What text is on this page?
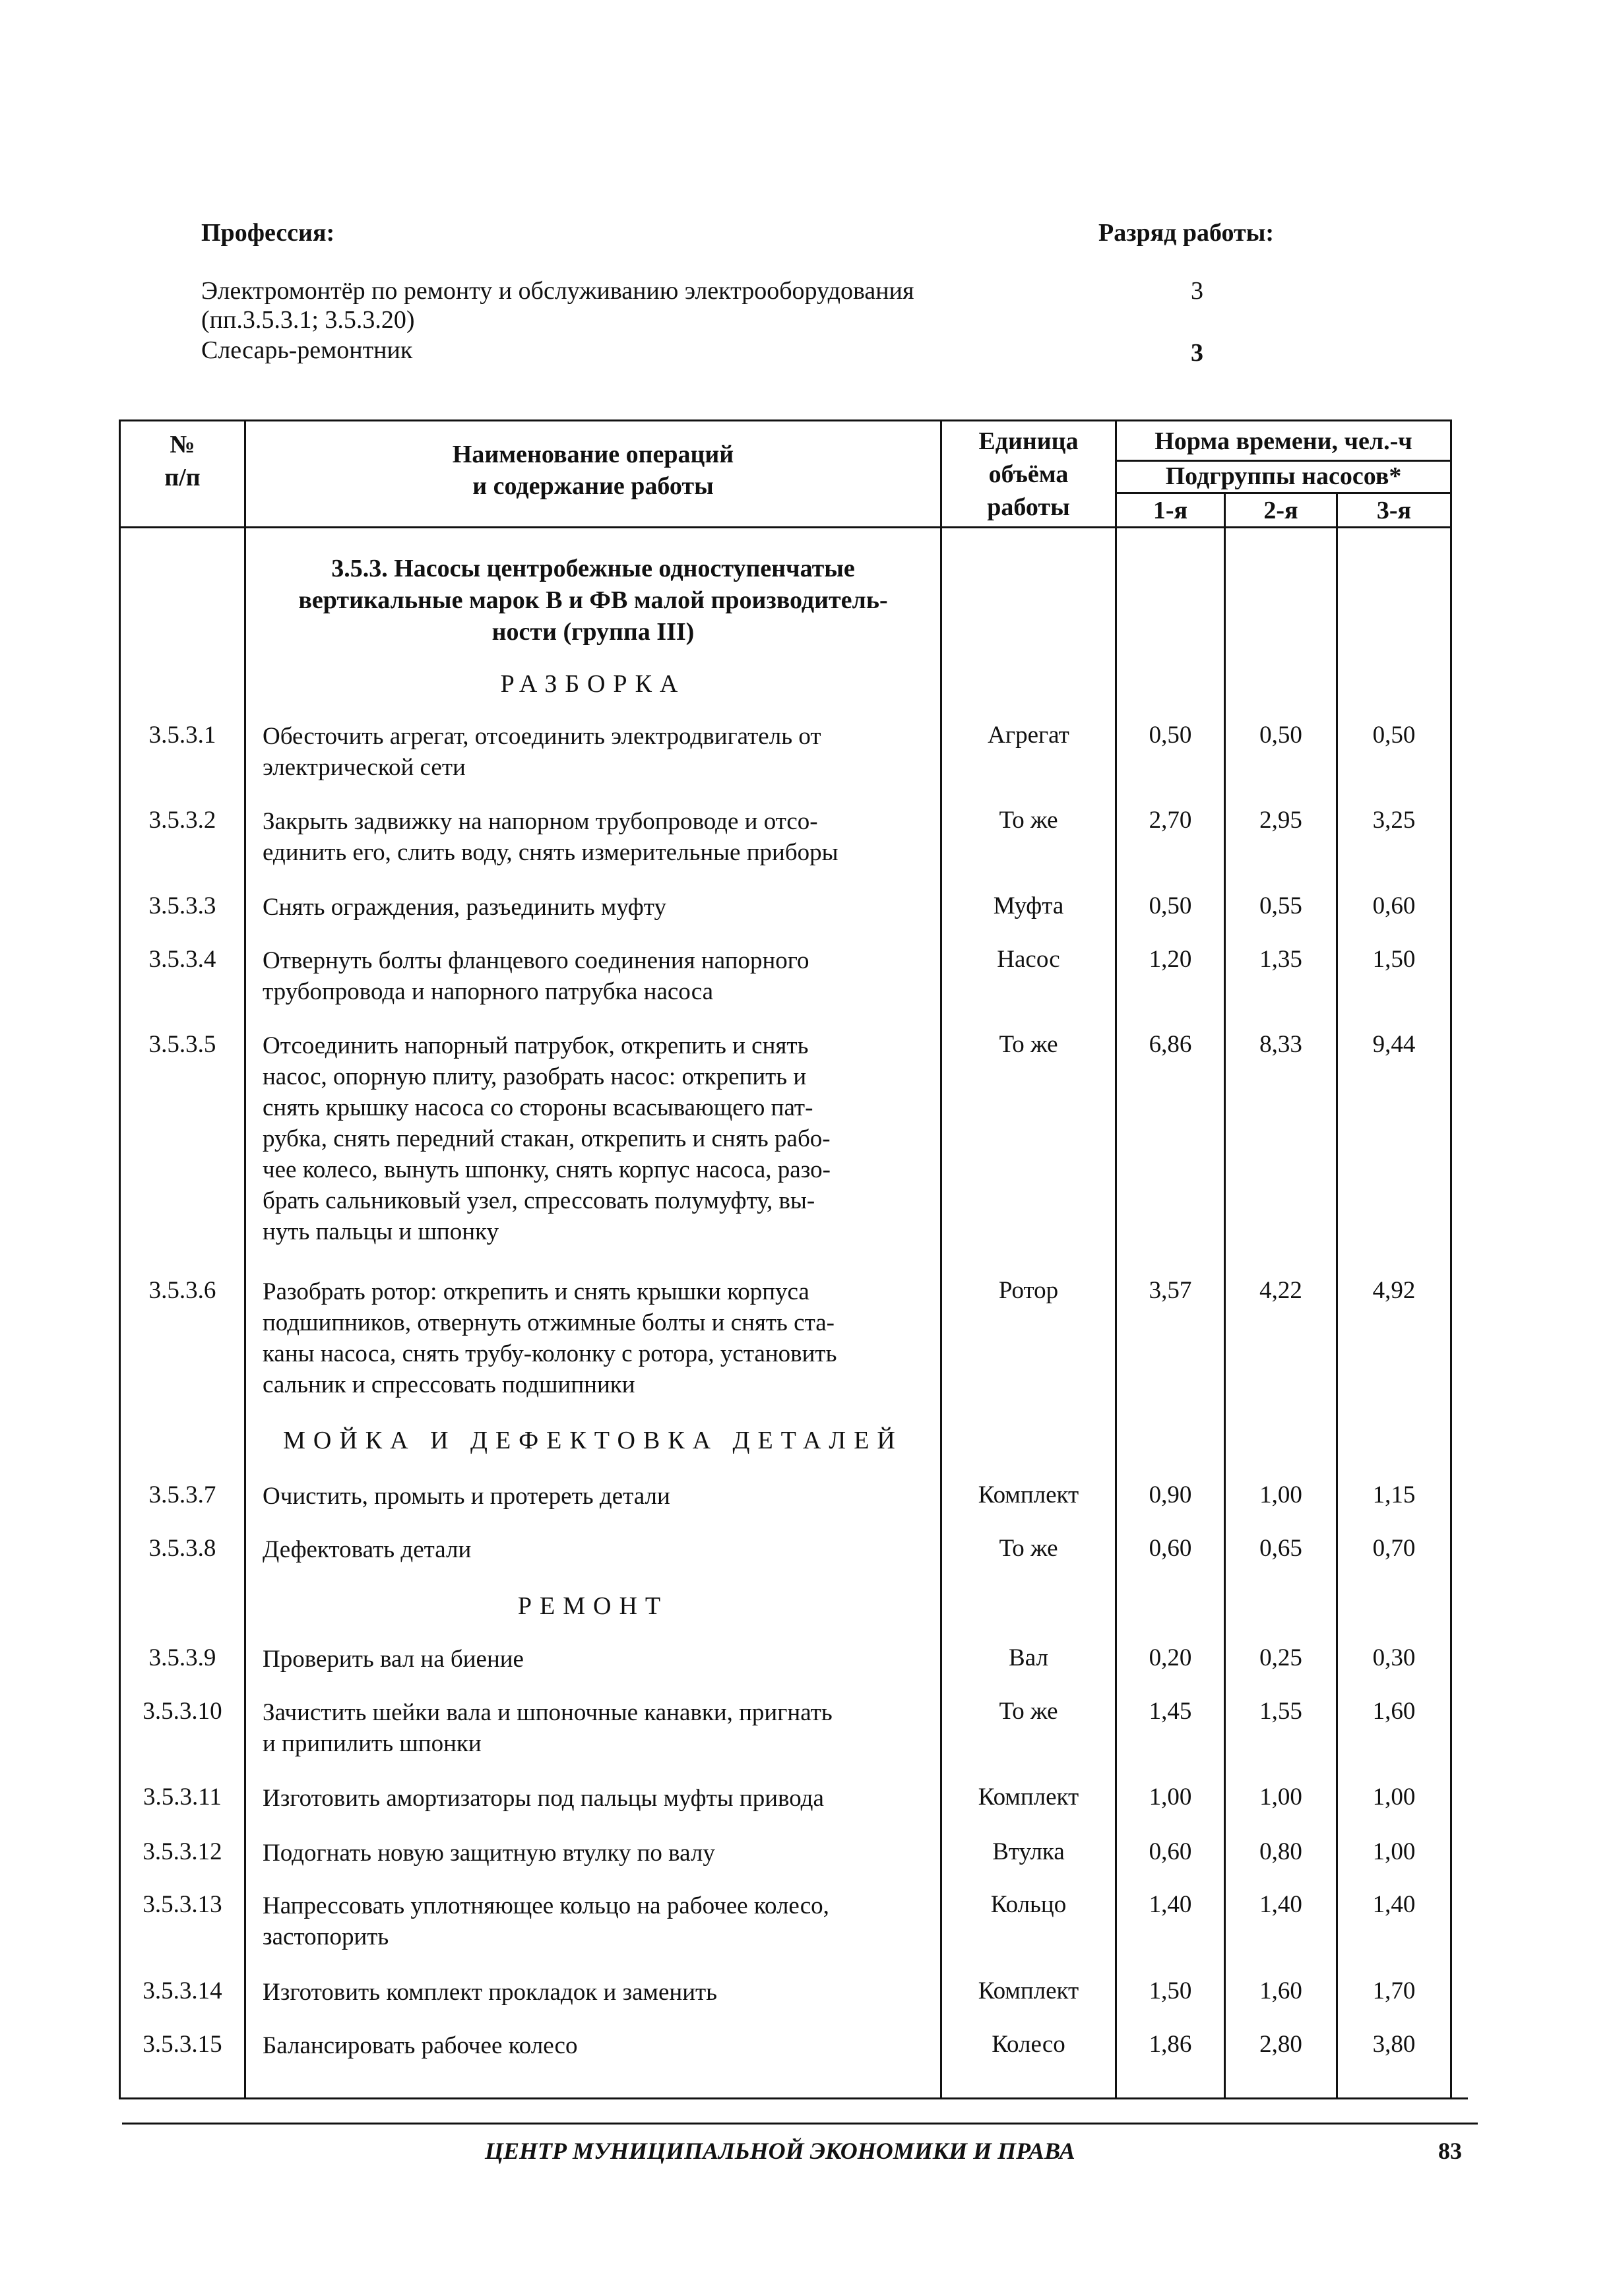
Профессия:	Разряд работы:
Электромонтёр по ремонту и обслуживанию электрооборудования
(пп.3.5.3.1; 3.5.3.20)
3
Слесарь-ремонтник	3
№
п/п
Наименование операций
и содержание работы
Единица
объёма
работы
Норма времени, чел.-ч
Подгруппы насосов*
1-я	2-я	3-я
3.5.3. Насосы центробежные одноступенчатые
вертикальные марок В и ФВ малой производитель-
ности (группа III)
РАЗБОРКА
МОЙКА И ДЕФЕКТОВКА ДЕТАЛЕЙ
РЕМОНТ
3.5.3.1	Обесточить агрегат, отсоединить электродвигатель от
электрической сети
Агрегат	0,50	0,50	0,50
3.5.3.2	Закрыть задвижку на напорном трубопроводе и отсо-
единить его, слить воду, снять измерительные приборы
То же	2,70	2,95	3,25
3.5.3.3	Снять ограждения, разъединить муфту	Муфта	0,50	0,55	0,60
3.5.3.4	Отвернуть болты фланцевого соединения напорного
трубопровода и напорного патрубка насоса
Насос	1,20	1,35	1,50
3.5.3.5	Отсоединить напорный патрубок, открепить и снять
насос, опорную плиту, разобрать насос: открепить и
снять крышку насоса со стороны всасывающего пат-
рубка, снять передний стакан, открепить и снять рабо-
чее колесо, вынуть шпонку, снять корпус насоса, разо-
брать сальниковый узел, спрессовать полумуфту, вы-
нуть пальцы и шпонку
То же	6,86	8,33	9,44
3.5.3.6	Разобрать ротор: открепить и снять крышки корпуса
подшипников, отвернуть отжимные болты и снять ста-
каны насоса, снять трубу-колонку с ротора, установить
сальник и спрессовать подшипники
Ротор	3,57	4,22	4,92
3.5.3.7	Очистить, промыть и протереть детали	Комплект	0,90	1,00	1,15
3.5.3.8	Дефектовать детали	То же	0,60	0,65	0,70
3.5.3.9	Проверить вал на биение	Вал	0,20	0,25	0,30
3.5.3.10	Зачистить шейки вала и шпоночные канавки, пригнать
и припилить шпонки
То же	1,45	1,55	1,60
3.5.3.11	Изготовить амортизаторы под пальцы муфты привода	Комплект	1,00	1,00	1,00
3.5.3.12	Подогнать новую защитную втулку по валу	Втулка	0,60	0,80	1,00
3.5.3.13	Напрессовать уплотняющее кольцо на рабочее колесо,
застопорить
Кольцо	1,40	1,40	1,40
3.5.3.14	Изготовить комплект прокладок и заменить	Комплект	1,50	1,60	1,70
3.5.3.15	Балансировать рабочее колесо	Колесо	1,86	2,80	3,80
ЦЕНТР МУНИЦИПАЛЬНОЙ ЭКОНОМИКИ И ПРАВА	83
